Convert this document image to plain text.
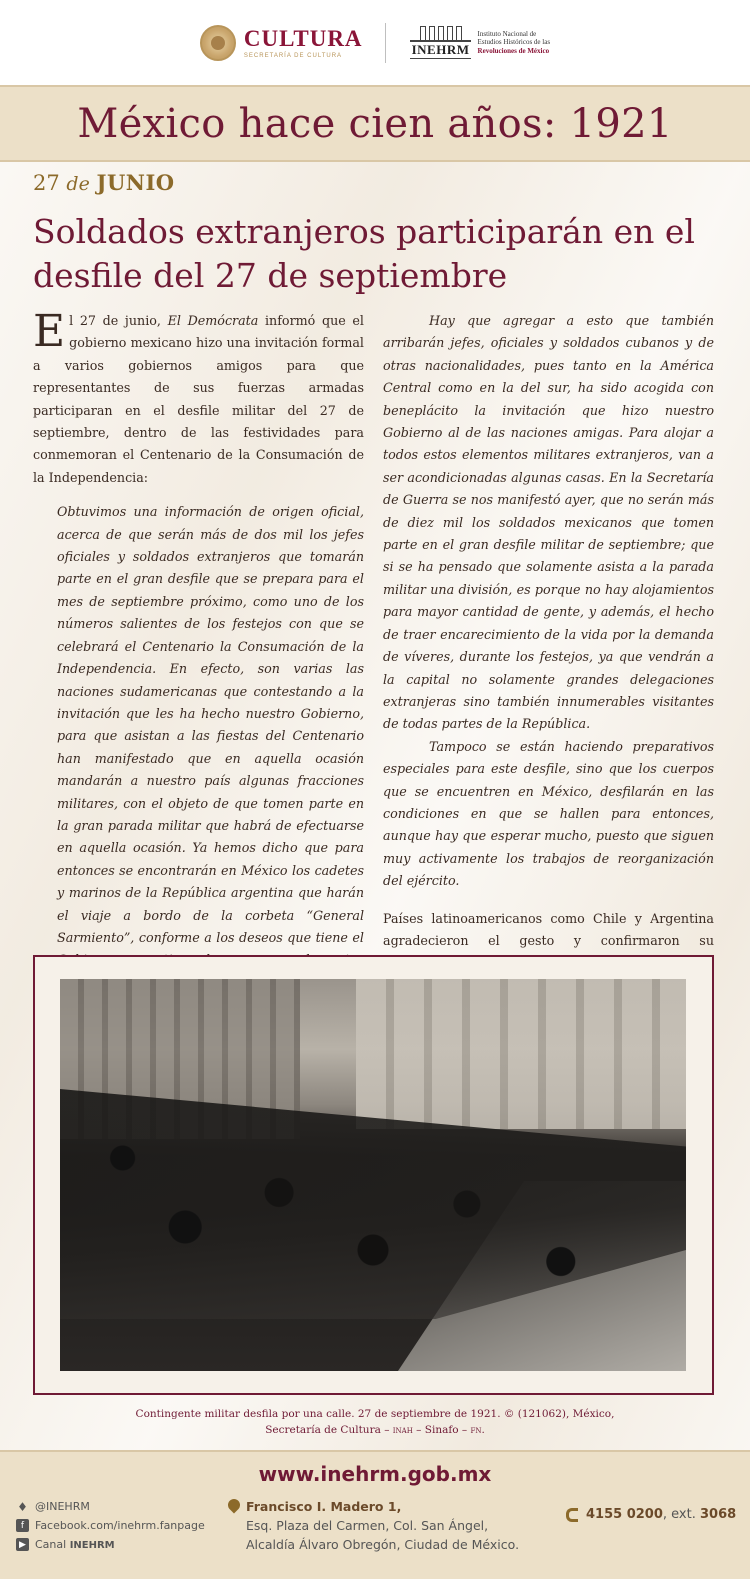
CULTURA
SECRETARÍA DE CULTURA	INEHRM
Instituto Nacional de
Estudios Históricos de las
Revoluciones de México
México hace cien años: 1921
27 de JUNIO
Soldados extranjeros participarán en el desfile del 27 de septiembre

El 27 de junio, El Demócrata informó que el gobierno mexicano hizo una invitación formal a varios gobiernos amigos para que representantes de sus fuerzas armadas participaran en el desfile militar del 27 de septiembre, dentro de las festividades para conmemoran el Centenario de la Consumación de la Independencia:

Obtuvimos una información de origen oficial, acerca de que serán más de dos mil los jefes oficiales y soldados extranjeros que tomarán parte en el gran desfile que se prepara para el mes de septiembre próximo, como uno de los números salientes de los festejos con que se celebrará el Centenario la Consumación de la Independencia. En efecto, son varias las naciones sudamericanas que contestando a la invitación que les ha hecho nuestro Gobierno, para que asistan a las fiestas del Centenario han manifestado que en aquella ocasión mandarán a nuestro país algunas fracciones militares, con el objeto de que tomen parte en la gran parada militar que habrá de efectuarse en aquella ocasión. Ya hemos dicho que para entonces se encontrarán en México los cadetes y marinos de la República argentina que harán el viaje a bordo de la corbeta “General Sarmiento”, conforme a los deseos que tiene el

Hay que agregar a esto que también arribarán jefes, oficiales y soldados cubanos y de otras nacionalidades, pues tanto en la América Central como en la del sur, ha sido acogida con beneplácito la invitación que hizo nuestro Gobierno al de las naciones amigas. Para alojar a todos estos elementos militares extranjeros, van a ser acondicionadas algunas casas. En la Secretaría de Guerra se nos manifestó ayer, que no serán más de diez mil los soldados mexicanos que tomen parte en el gran desfile militar de septiembre; que si se ha pensado que solamente asista a la parada militar una división, es porque no hay alojamientos para mayor cantidad de gente, y además, el hecho de traer encarecimiento de la vida por la demanda de víveres, durante los festejos, ya que vendrán a la capital no solamente grandes delegaciones extranjeras sino también innumerables visitantes de todas partes de la República.

Tampoco se están haciendo preparativos especiales para este desfile, sino que los cuerpos que se encuentren en México, desfilarán en las condiciones en que se hallen para entonces, aunque hay que esperar mucho, puesto que siguen muy activamente los trabajos de reorganización del ejército.

Países latinoamericanos como Chile y Argentina agradecieron el gesto y confirmaron su

Contingente militar desfila por una calle. 27 de septiembre de 1921. © (121062), México,
Secretaría de Cultura – inah – Sinafo – fn.
www.inehrm.gob.mx
♦ @INEHRM
f Facebook.com/inehrm.fanpage
▶ Canal INEHRM
Francisco I. Madero 1,
Esq. Plaza del Carmen, Col. San Ángel,
Alcaldía Álvaro Obregón, Ciudad de México.
4155 0200, ext. 3068
